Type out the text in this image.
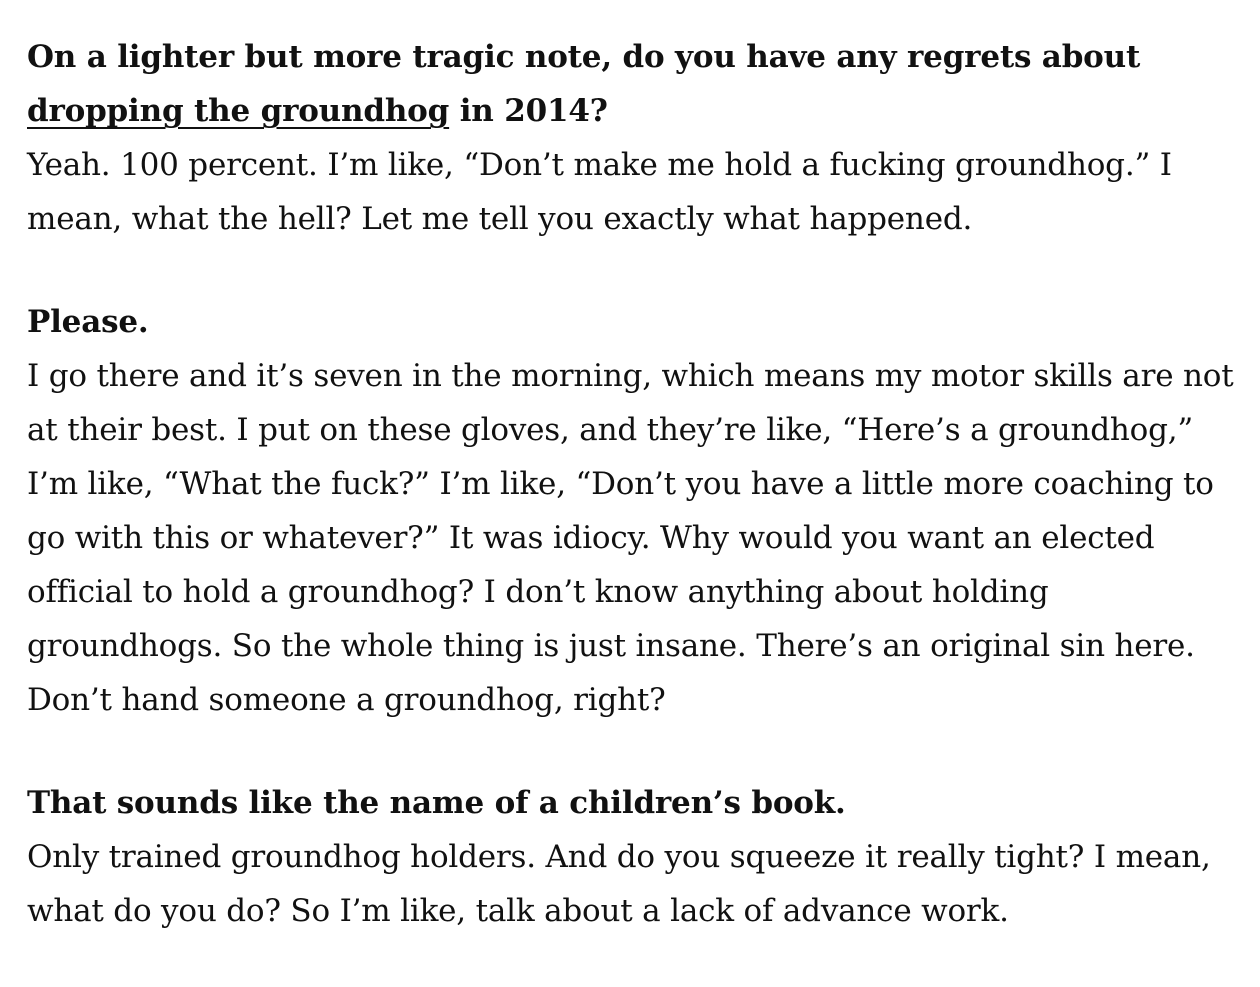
On a lighter but more tragic note, do you have any regrets about dropping the groundhog in 2014?

Yeah. 100 percent. I’m like, “Don’t make me hold a fucking groundhog.” I mean, what the hell? Let me tell you exactly what happened.

Please.

I go there and it’s seven in the morning, which means my motor skills are not at their best. I put on these gloves, and they’re like, “Here’s a groundhog,” I’m like, “What the fuck?” I’m like, “Don’t you have a little more coaching to go with this or whatever?” It was idiocy. Why would you want an elected official to hold a groundhog? I don’t know anything about holding groundhogs. So the whole thing is just insane. There’s an original sin here. Don’t hand someone a groundhog, right?

That sounds like the name of a children’s book.

Only trained groundhog holders. And do you squeeze it really tight? I mean, what do you do? So I’m like, talk about a lack of advance work.
